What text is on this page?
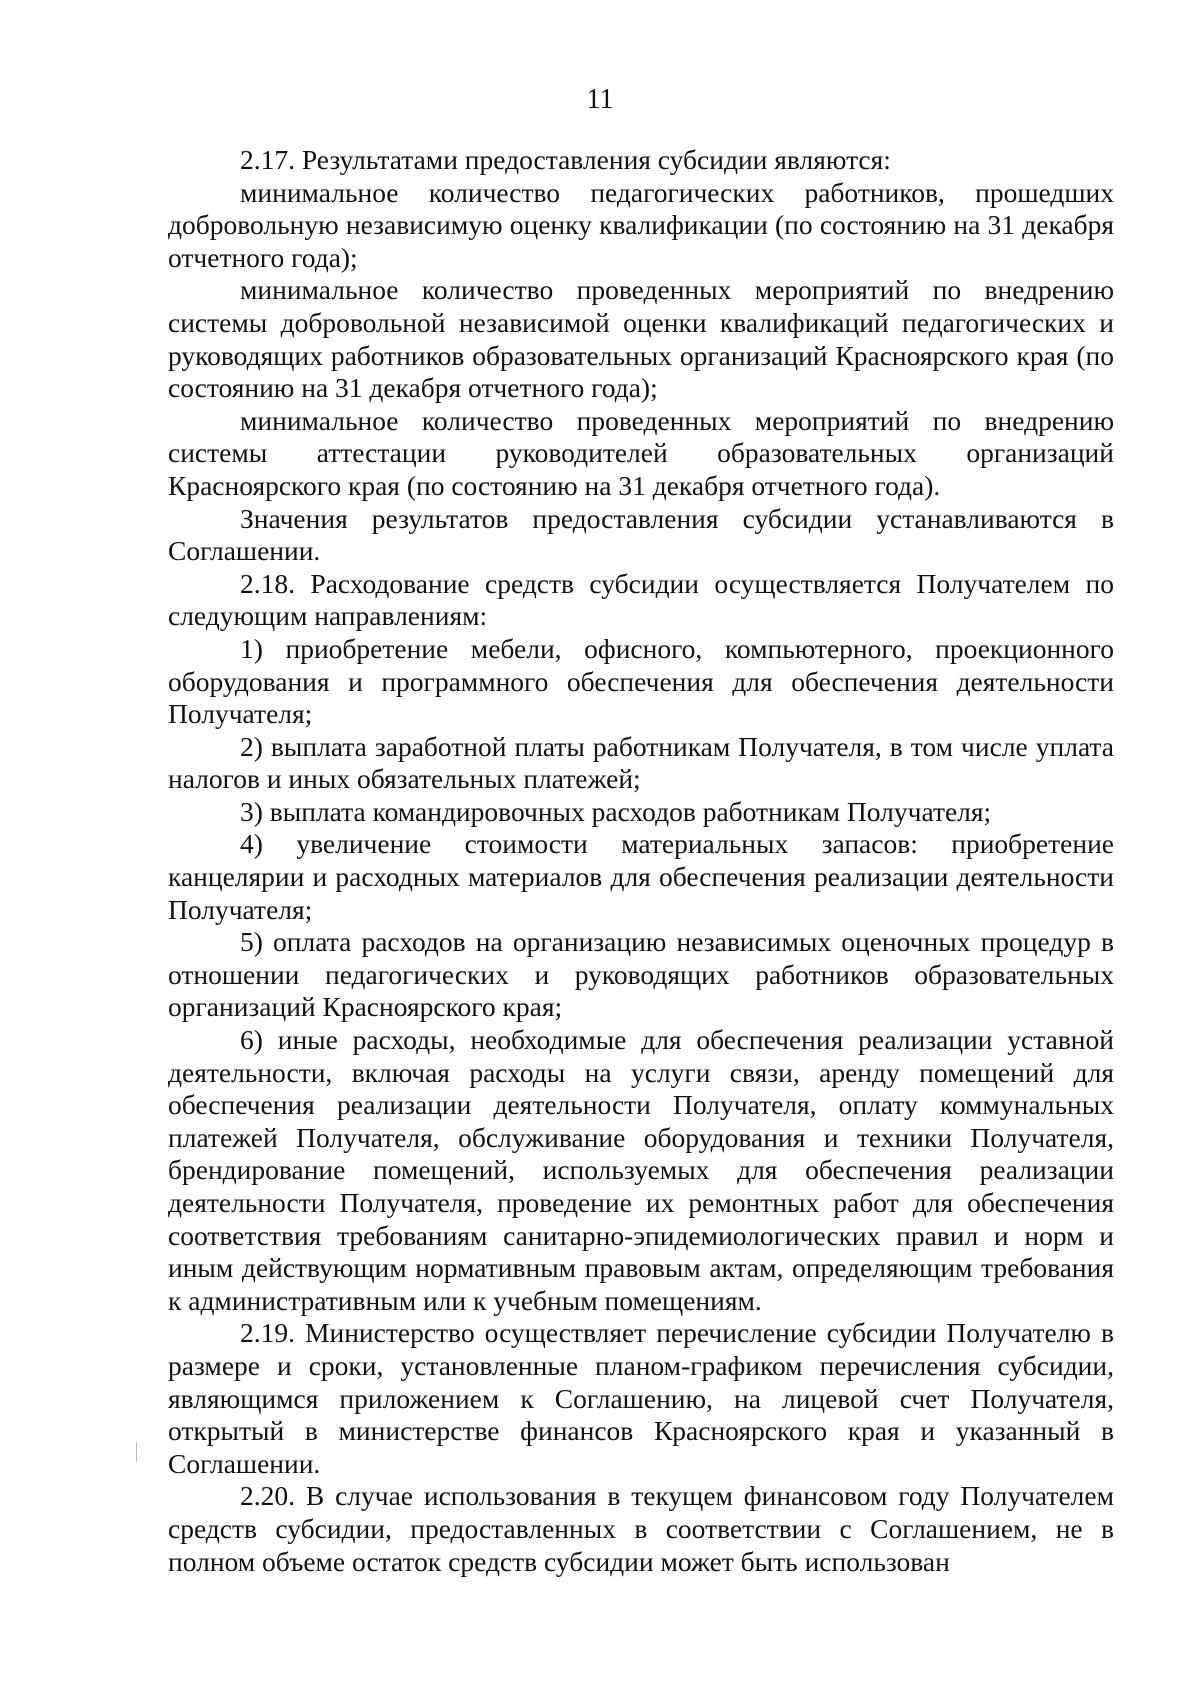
11

2.17. Результатами предоставления субсидии являются:

минимальное количество педагогических работников, прошедших добровольную независимую оценку квалификации (по состоянию на 31 декабря отчетного года);

минимальное количество проведенных мероприятий по внедрению системы добровольной независимой оценки квалификаций педагогических и руководящих работников образовательных организаций Красноярского края (по состоянию на 31 декабря отчетного года);

минимальное количество проведенных мероприятий по внедрению системы аттестации руководителей образовательных организаций Красноярского края (по состоянию на 31 декабря отчетного года).

Значения результатов предоставления субсидии устанавливаются в Соглашении.

2.18. Расходование средств субсидии осуществляется Получателем по следующим направлениям:

1) приобретение мебели, офисного, компьютерного, проекционного оборудования и программного обеспечения для обеспечения деятельности Получателя;

2) выплата заработной платы работникам Получателя, в том числе уплата налогов и иных обязательных платежей;

3) выплата командировочных расходов работникам Получателя;

4) увеличение стоимости материальных запасов: приобретение канцелярии и расходных материалов для обеспечения реализации деятельности Получателя;

5) оплата расходов на организацию независимых оценочных процедур в отношении педагогических и руководящих работников образовательных организаций Красноярского края;

6) иные расходы, необходимые для обеспечения реализации уставной деятельности, включая расходы на услуги связи, аренду помещений для обеспечения реализации деятельности Получателя, оплату коммунальных платежей Получателя, обслуживание оборудования и техники Получателя, брендирование помещений, используемых для обеспечения реализации деятельности Получателя, проведение их ремонтных работ для обеспечения соответствия требованиям санитарно-эпидемиологических правил и норм и иным действующим нормативным правовым актам, определяющим требования к административным или к учебным помещениям.

2.19. Министерство осуществляет перечисление субсидии Получателю в размере и сроки, установленные планом-графиком перечисления субсидии, являющимся приложением к Соглашению, на лицевой счет Получателя, открытый в министерстве финансов Красноярского края и указанный в Соглашении.

2.20. В случае использования в текущем финансовом году Получателем средств субсидии, предоставленных в соответствии с Соглашением, не в полном объеме остаток средств субсидии может быть использован
